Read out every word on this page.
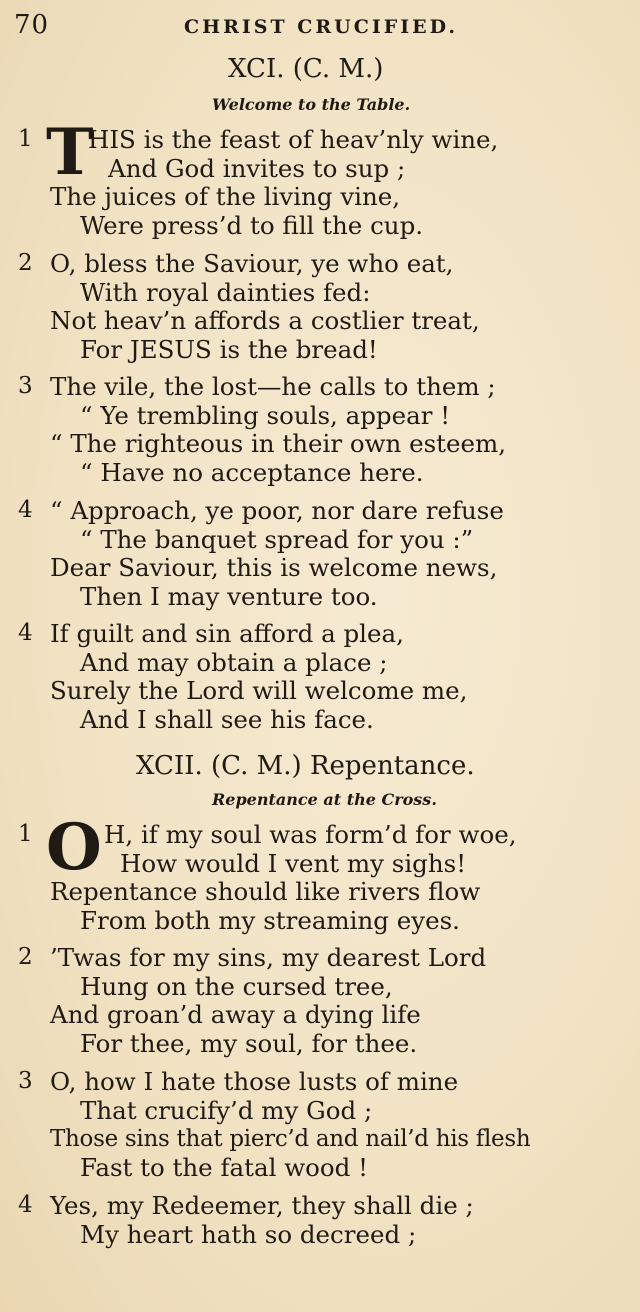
70	CHRIST CRUCIFIED.
XCI. (C. M.)
Welcome to the Table.
1 T
HIS is the feast of heav’nly wine,
And God invites to sup ;
The juices of the living vine,
Were press’d to fill the cup.
2 O, bless the Saviour, ye who eat,
With royal dainties fed:
Not heav’n affords a costlier treat,
For JESUS is the bread!
3 The vile, the lost—he calls to them ;
“ Ye trembling souls, appear !
“ The righteous in their own esteem,
“ Have no acceptance here.
4 “ Approach, ye poor, nor dare refuse
“ The banquet spread for you :”
Dear Saviour, this is welcome news,
Then I may venture too.
4 If guilt and sin afford a plea,
And may obtain a place ;
Surely the Lord will welcome me,
And I shall see his face.
XCII. (C. M.) Repentance.
Repentance at the Cross.
1 O H, if my soul was form’d for woe,
How would I vent my sighs!
Repentance should like rivers flow
From both my streaming eyes.
2 ’Twas for my sins, my dearest Lord
Hung on the cursed tree,
And groan’d away a dying life
For thee, my soul, for thee.
3 O, how I hate those lusts of mine
That crucify’d my God ;
Those sins that pierc’d and nail’d his flesh
Fast to the fatal wood !
4 Yes, my Redeemer, they shall die ;
My heart hath so decreed ;
